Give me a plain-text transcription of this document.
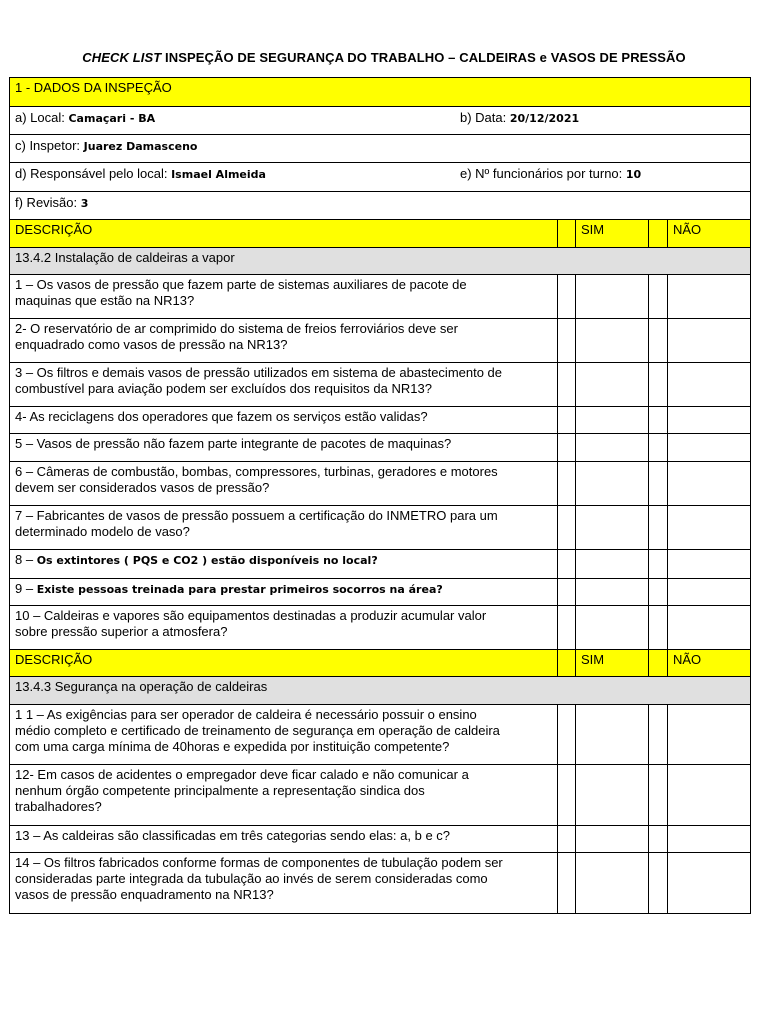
CHECK LIST INSPEÇÃO DE SEGURANÇA DO TRABALHO – CALDEIRAS e VASOS DE PRESSÃO
1 - DADOS DA INSPEÇÃO				

a) Local: Camaçari - BA b) Data: 20/12/2021				

c) Inspetor: Juarez Damasceno				

d) Responsável pelo local: Ismael Almeida e) Nº funcionários por turno: 10				

f) Revisão: 3				
DESCRIÇÃO		SIM		NÃO
13.4.2 Instalação de caldeiras a vapor				
1 – Os vasos de pressão que fazem parte de sistemas auxiliares de pacote de
maquinas que estão na NR13?				
2- O reservatório de ar comprimido do sistema de freios ferroviários deve ser
enquadrado como vasos de pressão na NR13?				
3 – Os filtros e demais vasos de pressão utilizados em sistema de abastecimento de
combustível para aviação podem ser excluídos dos requisitos da NR13?				
4- As reciclagens dos operadores que fazem os serviços estão validas?				
5 – Vasos de pressão não fazem parte integrante de pacotes de maquinas?				
6 – Câmeras de combustão, bombas, compressores, turbinas, geradores e motores
devem ser considerados vasos de pressão?				
7 – Fabricantes de vasos de pressão possuem a certificação do INMETRO para um
determinado modelo de vaso?				
8 – Os extintores ( PQS e CO2 ) estão disponíveis no local?				
9 – Existe pessoas treinada para prestar primeiros socorros na área?				
10 – Caldeiras e vapores são equipamentos destinadas a produzir acumular valor
sobre pressão superior a atmosfera?				
DESCRIÇÃO		SIM		NÃO
13.4.3 Segurança na operação de caldeiras				
1 1 – As exigências para ser operador de caldeira é necessário possuir o ensino
médio completo e certificado de treinamento de segurança em operação de caldeira
com uma carga mínima de 40horas e expedida por instituição competente?				
12- Em casos de acidentes o empregador deve ficar calado e não comunicar a
nenhum órgão competente principalmente a representação sindica dos
trabalhadores?				
13 – As caldeiras são classificadas em três categorias sendo elas: a, b e c?				
14 – Os filtros fabricados conforme formas de componentes de tubulação podem ser
consideradas parte integrada da tubulação ao invés de serem consideradas como
vasos de pressão enquadramento na NR13?				
